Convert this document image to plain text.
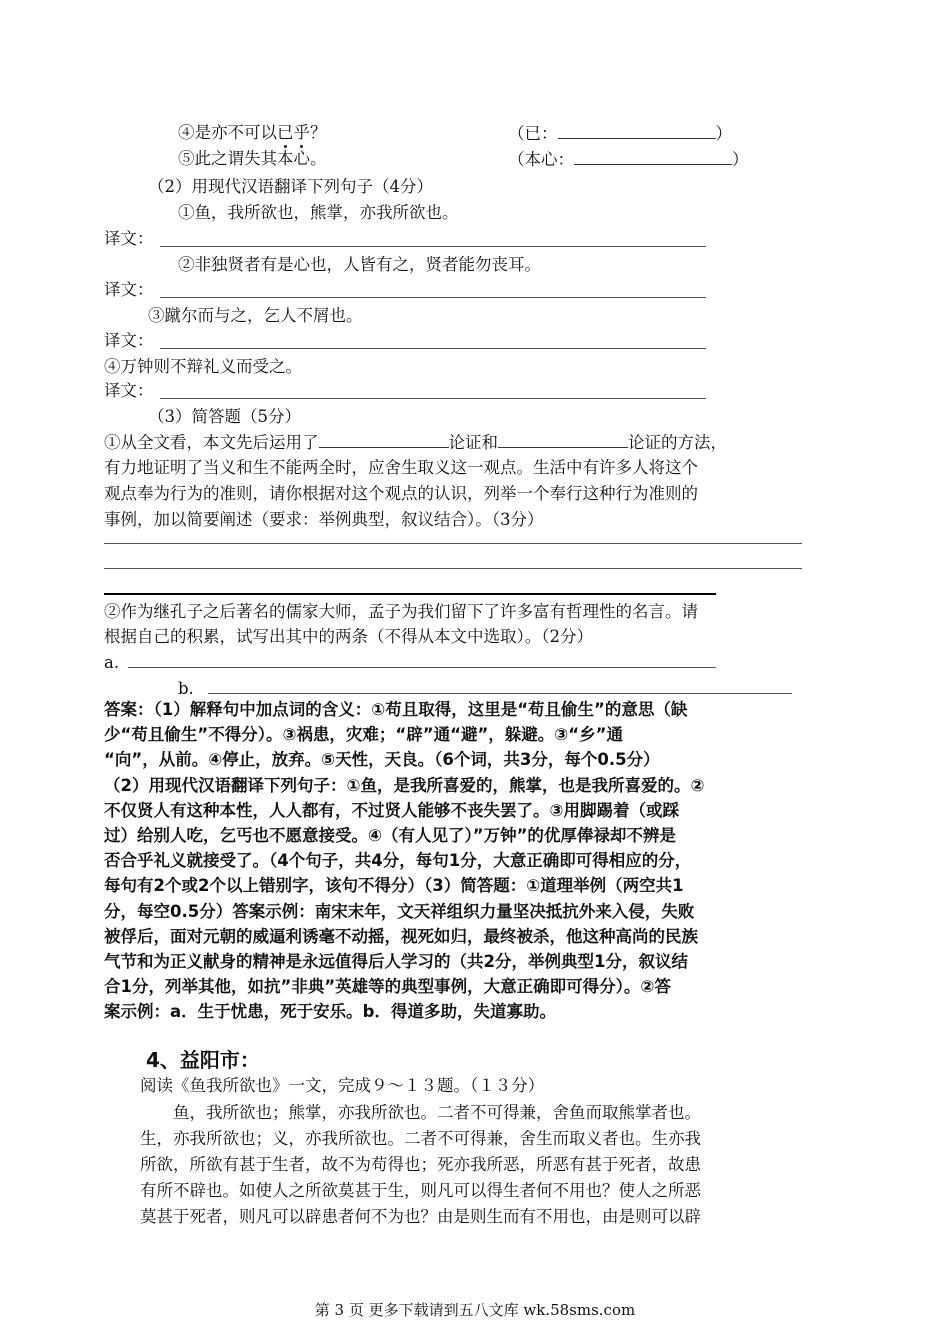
④是亦不可以已乎？	（已：	）
⑤此之谓失其本心。	（本心：	）
（2）用现代汉语翻译下列句子（4分）
①鱼，我所欲也，熊掌，亦我所欲也。
译文：
②非独贤者有是心也，人皆有之，贤者能勿丧耳。
译文：
③蹴尔而与之，乞人不屑也。
译文：
④万钟则不辩礼义而受之。
译文：
（3）简答题（5分）
①从全文看，本文先后运用了	论证和	论证的方法，
有力地证明了当义和生不能两全时，应舍生取义这一观点。生活中有许多人将这个
观点奉为行为的准则，请你根据对这个观点的认识，列举一个奉行这种行为准则的
事例，加以简要阐述（要求：举例典型，叙议结合）。（3分）
②作为继孔子之后著名的儒家大师，孟子为我们留下了许多富有哲理性的名言。请
根据自己的积累，试写出其中的两条（不得从本文中选取）。（2分）
a.
b.
答案：（1）解释句中加点词的含义：①苟且取得，这里是“苟且偷生”的意思（缺
少“苟且偷生”不得分）。③祸患，灾难；“辟”通“避”，躲避。③“乡”通
“向”，从前。④停止，放弃。⑤天性，天良。（6个词，共3分，每个0.5分）
（2）用现代汉语翻译下列句子：①鱼，是我所喜爱的，熊掌，也是我所喜爱的。②
不仅贤人有这种本性，人人都有，不过贤人能够不丧失罢了。③用脚踢着（或踩
过）给别人吃，乞丐也不愿意接受。④（有人见了）”万钟”的优厚俸禄却不辨是
否合乎礼义就接受了。（4个句子，共4分，每句1分，大意正确即可得相应的分，
每句有2个或2个以上错别字，该句不得分）（3）简答题：①道理举例（两空共1
分，每空0.5分）答案示例：南宋末年，文天祥组织力量坚决抵抗外来入侵，失败
被俘后，面对元朝的威逼利诱毫不动摇，视死如归，最终被杀，他这种高尚的民族
气节和为正义献身的精神是永远值得后人学习的（共2分，举例典型1分，叙议结
合1分，列举其他，如抗”非典”英雄等的典型事例，大意正确即可得分）。②答
案示例：a．生于忧患，死于安乐。b．得道多助，失道寡助。
4、益阳市：
阅读《鱼我所欲也》一文，完成９～１３题。（１３分）
　　鱼，我所欲也；熊掌，亦我所欲也。二者不可得兼，舍鱼而取熊掌者也。
生，亦我所欲也；义，亦我所欲也。二者不可得兼，舍生而取义者也。生亦我
所欲，所欲有甚于生者，故不为苟得也；死亦我所恶，所恶有甚于死者，故患
有所不辟也。如使人之所欲莫甚于生，则凡可以得生者何不用也？使人之所恶
莫甚于死者，则凡可以辟患者何不为也？由是则生而有不用也，由是则可以辟
第 3 页 更多下载请到五八文库 wk.58sms.com
